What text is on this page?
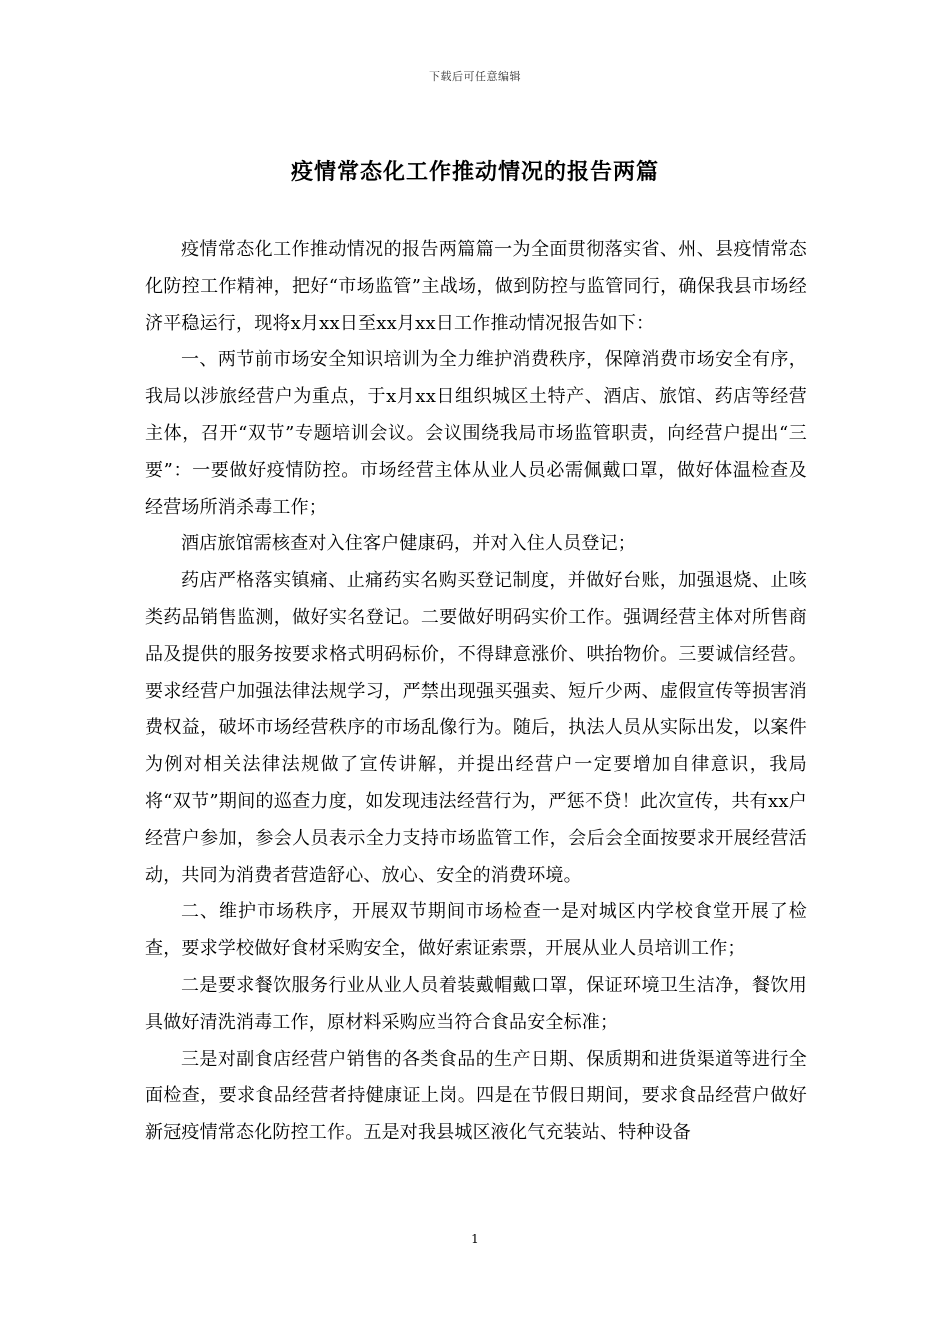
下载后可任意编辑
疫情常态化工作推动情况的报告两篇

疫情常态化工作推动情况的报告两篇篇一为全面贯彻落实省、州、县疫情常态化防控工作精神，把好“市场监管”主战场，做到防控与监管同行，确保我县市场经济平稳运行，现将x月xx日至xx月xx日工作推动情况报告如下：

一、两节前市场安全知识培训为全力维护消费秩序，保障消费市场安全有序，我局以涉旅经营户为重点，于x月xx日组织城区土特产、酒店、旅馆、药店等经营主体，召开“双节”专题培训会议。会议围绕我局市场监管职责，向经营户提出“三要”：一要做好疫情防控。市场经营主体从业人员必需佩戴口罩，做好体温检查及经营场所消杀毒工作；

酒店旅馆需核查对入住客户健康码，并对入住人员登记；

药店严格落实镇痛、止痛药实名购买登记制度，并做好台账，加强退烧、止咳类药品销售监测，做好实名登记。二要做好明码实价工作。强调经营主体对所售商品及提供的服务按要求格式明码标价，不得肆意涨价、哄抬物价。三要诚信经营。要求经营户加强法律法规学习，严禁出现强买强卖、短斤少两、虚假宣传等损害消费权益，破坏市场经营秩序的市场乱像行为。随后，执法人员从实际出发，以案件为例对相关法律法规做了宣传讲解，并提出经营户一定要增加自律意识，我局将“双节”期间的巡查力度，如发现违法经营行为，严惩不贷！此次宣传，共有xx户经营户参加，参会人员表示全力支持市场监管工作，会后会全面按要求开展经营活动，共同为消费者营造舒心、放心、安全的消费环境。

二、维护市场秩序，开展双节期间市场检查一是对城区内学校食堂开展了检查，要求学校做好食材采购安全，做好索证索票，开展从业人员培训工作；

二是要求餐饮服务行业从业人员着装戴帽戴口罩，保证环境卫生洁净，餐饮用具做好清洗消毒工作，原材料采购应当符合食品安全标准；

三是对副食店经营户销售的各类食品的生产日期、保质期和进货渠道等进行全面检查，要求食品经营者持健康证上岗。四是在节假日期间，要求食品经营户做好新冠疫情常态化防控工作。五是对我县城区液化气充装站、特种设备

1
